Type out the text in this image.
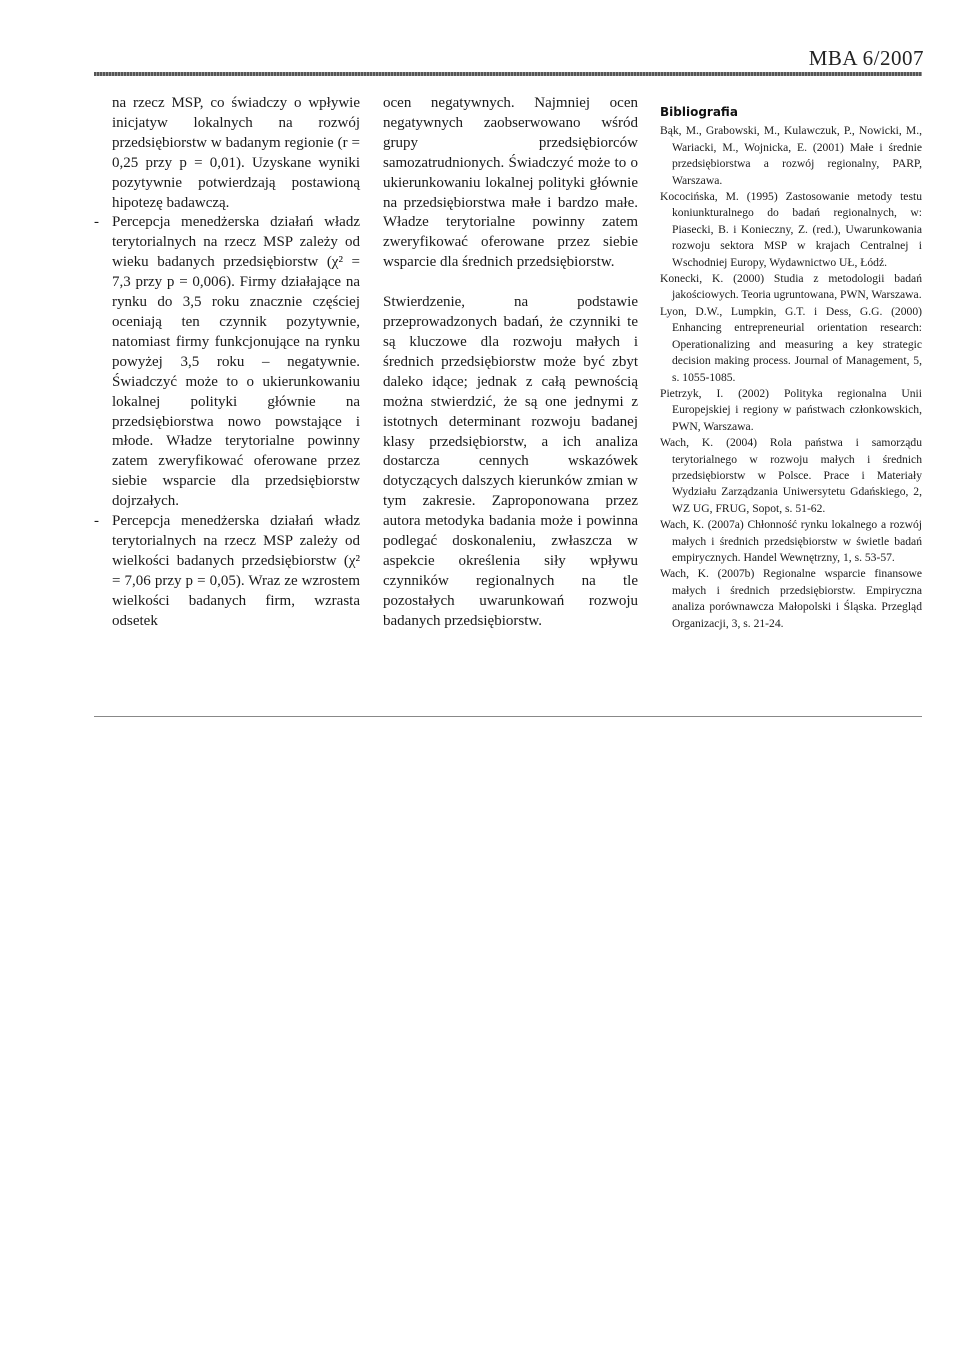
MBA 6/2007

na rzecz MSP, co świadczy o wpływie inicjatyw lokalnych na rozwój przedsiębiorstw w badanym regionie (r = 0,25 przy p = 0,01). Uzyskane wyniki pozytywnie potwierdzają postawioną hipotezę badawczą.

- Percepcja menedżerska działań władz terytorialnych na rzecz MSP zależy od wieku badanych przedsiębiorstw (χ² = 7,3 przy p = 0,006). Firmy działające na rynku do 3,5 roku znacznie częściej oceniają ten czynnik pozytywnie, natomiast firmy funkcjonujące na rynku powyżej 3,5 roku – negatywnie. Świadczyć może to o ukierunkowaniu lokalnej polityki głównie na przedsiębiorstwa nowo powstające i młode. Władze terytorialne powinny zatem zweryfikować oferowane przez siebie wsparcie dla przedsiębiorstw dojrzałych.

- Percepcja menedżerska działań władz terytorialnych na rzecz MSP zależy od wielkości badanych przedsiębiorstw (χ² = 7,06 przy p = 0,05). Wraz ze wzrostem wielkości badanych firm, wzrasta odsetek

ocen negatywnych. Najmniej ocen negatywnych zaobserwowano wśród grupy przedsiębiorców samozatrudnionych. Świadczyć może to o ukierunkowaniu lokalnej polityki głównie na przedsiębiorstwa małe i bardzo małe. Władze terytorialne powinny zatem zweryfikować oferowane przez siebie wsparcie dla średnich przedsiębiorstw.

Stwierdzenie, na podstawie przeprowadzonych badań, że czynniki te są kluczowe dla rozwoju małych i średnich przedsiębiorstw może być zbyt daleko idące; jednak z całą pewnością można stwierdzić, że są one jednymi z istotnych determinant rozwoju badanej klasy przedsiębiorstw, a ich analiza dostarcza cennych wskazówek dotyczących dalszych kierunków zmian w tym zakresie. Zaproponowana przez autora metodyka badania może i powinna podlegać doskonaleniu, zwłaszcza w aspekcie określenia siły wpływu czynników regionalnych na tle pozostałych uwarunkowań rozwoju badanych przedsiębiorstw.

Bibliografia

Bąk, M., Grabowski, M., Kulawczuk, P., Nowicki, M., Wariacki, M., Wojnicka, E. (2001) Małe i średnie przedsiębiorstwa a rozwój regionalny, PARP, Warszawa.

Kococińska, M. (1995) Zastosowanie metody testu koniunkturalnego do badań regionalnych, w: Piasecki, B. i Konieczny, Z. (red.), Uwarunkowania rozwoju sektora MSP w krajach Centralnej i Wschodniej Europy, Wydawnictwo UŁ, Łódź.

Konecki, K. (2000) Studia z metodologii badań jakościowych. Teoria ugruntowana, PWN, Warszawa.

Lyon, D.W., Lumpkin, G.T. i Dess, G.G. (2000) Enhancing entrepreneurial orientation research: Operationalizing and measuring a key strategic decision making process. Journal of Management, 5, s. 1055-1085.

Pietrzyk, I. (2002) Polityka regionalna Unii Europejskiej i regiony w państwach członkowskich, PWN, Warszawa.

Wach, K. (2004) Rola państwa i samorządu terytorialnego w rozwoju małych i średnich przedsiębiorstw w Polsce. Prace i Materiały Wydziału Zarządzania Uniwersytetu Gdańskiego, 2, WZ UG, FRUG, Sopot, s. 51-62.

Wach, K. (2007a) Chłonność rynku lokalnego a rozwój małych i średnich przedsiębiorstw w świetle badań empirycznych. Handel Wewnętrzny, 1, s. 53-57.

Wach, K. (2007b) Regionalne wsparcie finansowe małych i średnich przedsiębiorstw. Empiryczna analiza porównawcza Małopolski i Śląska. Przegląd Organizacji, 3, s. 21-24.
